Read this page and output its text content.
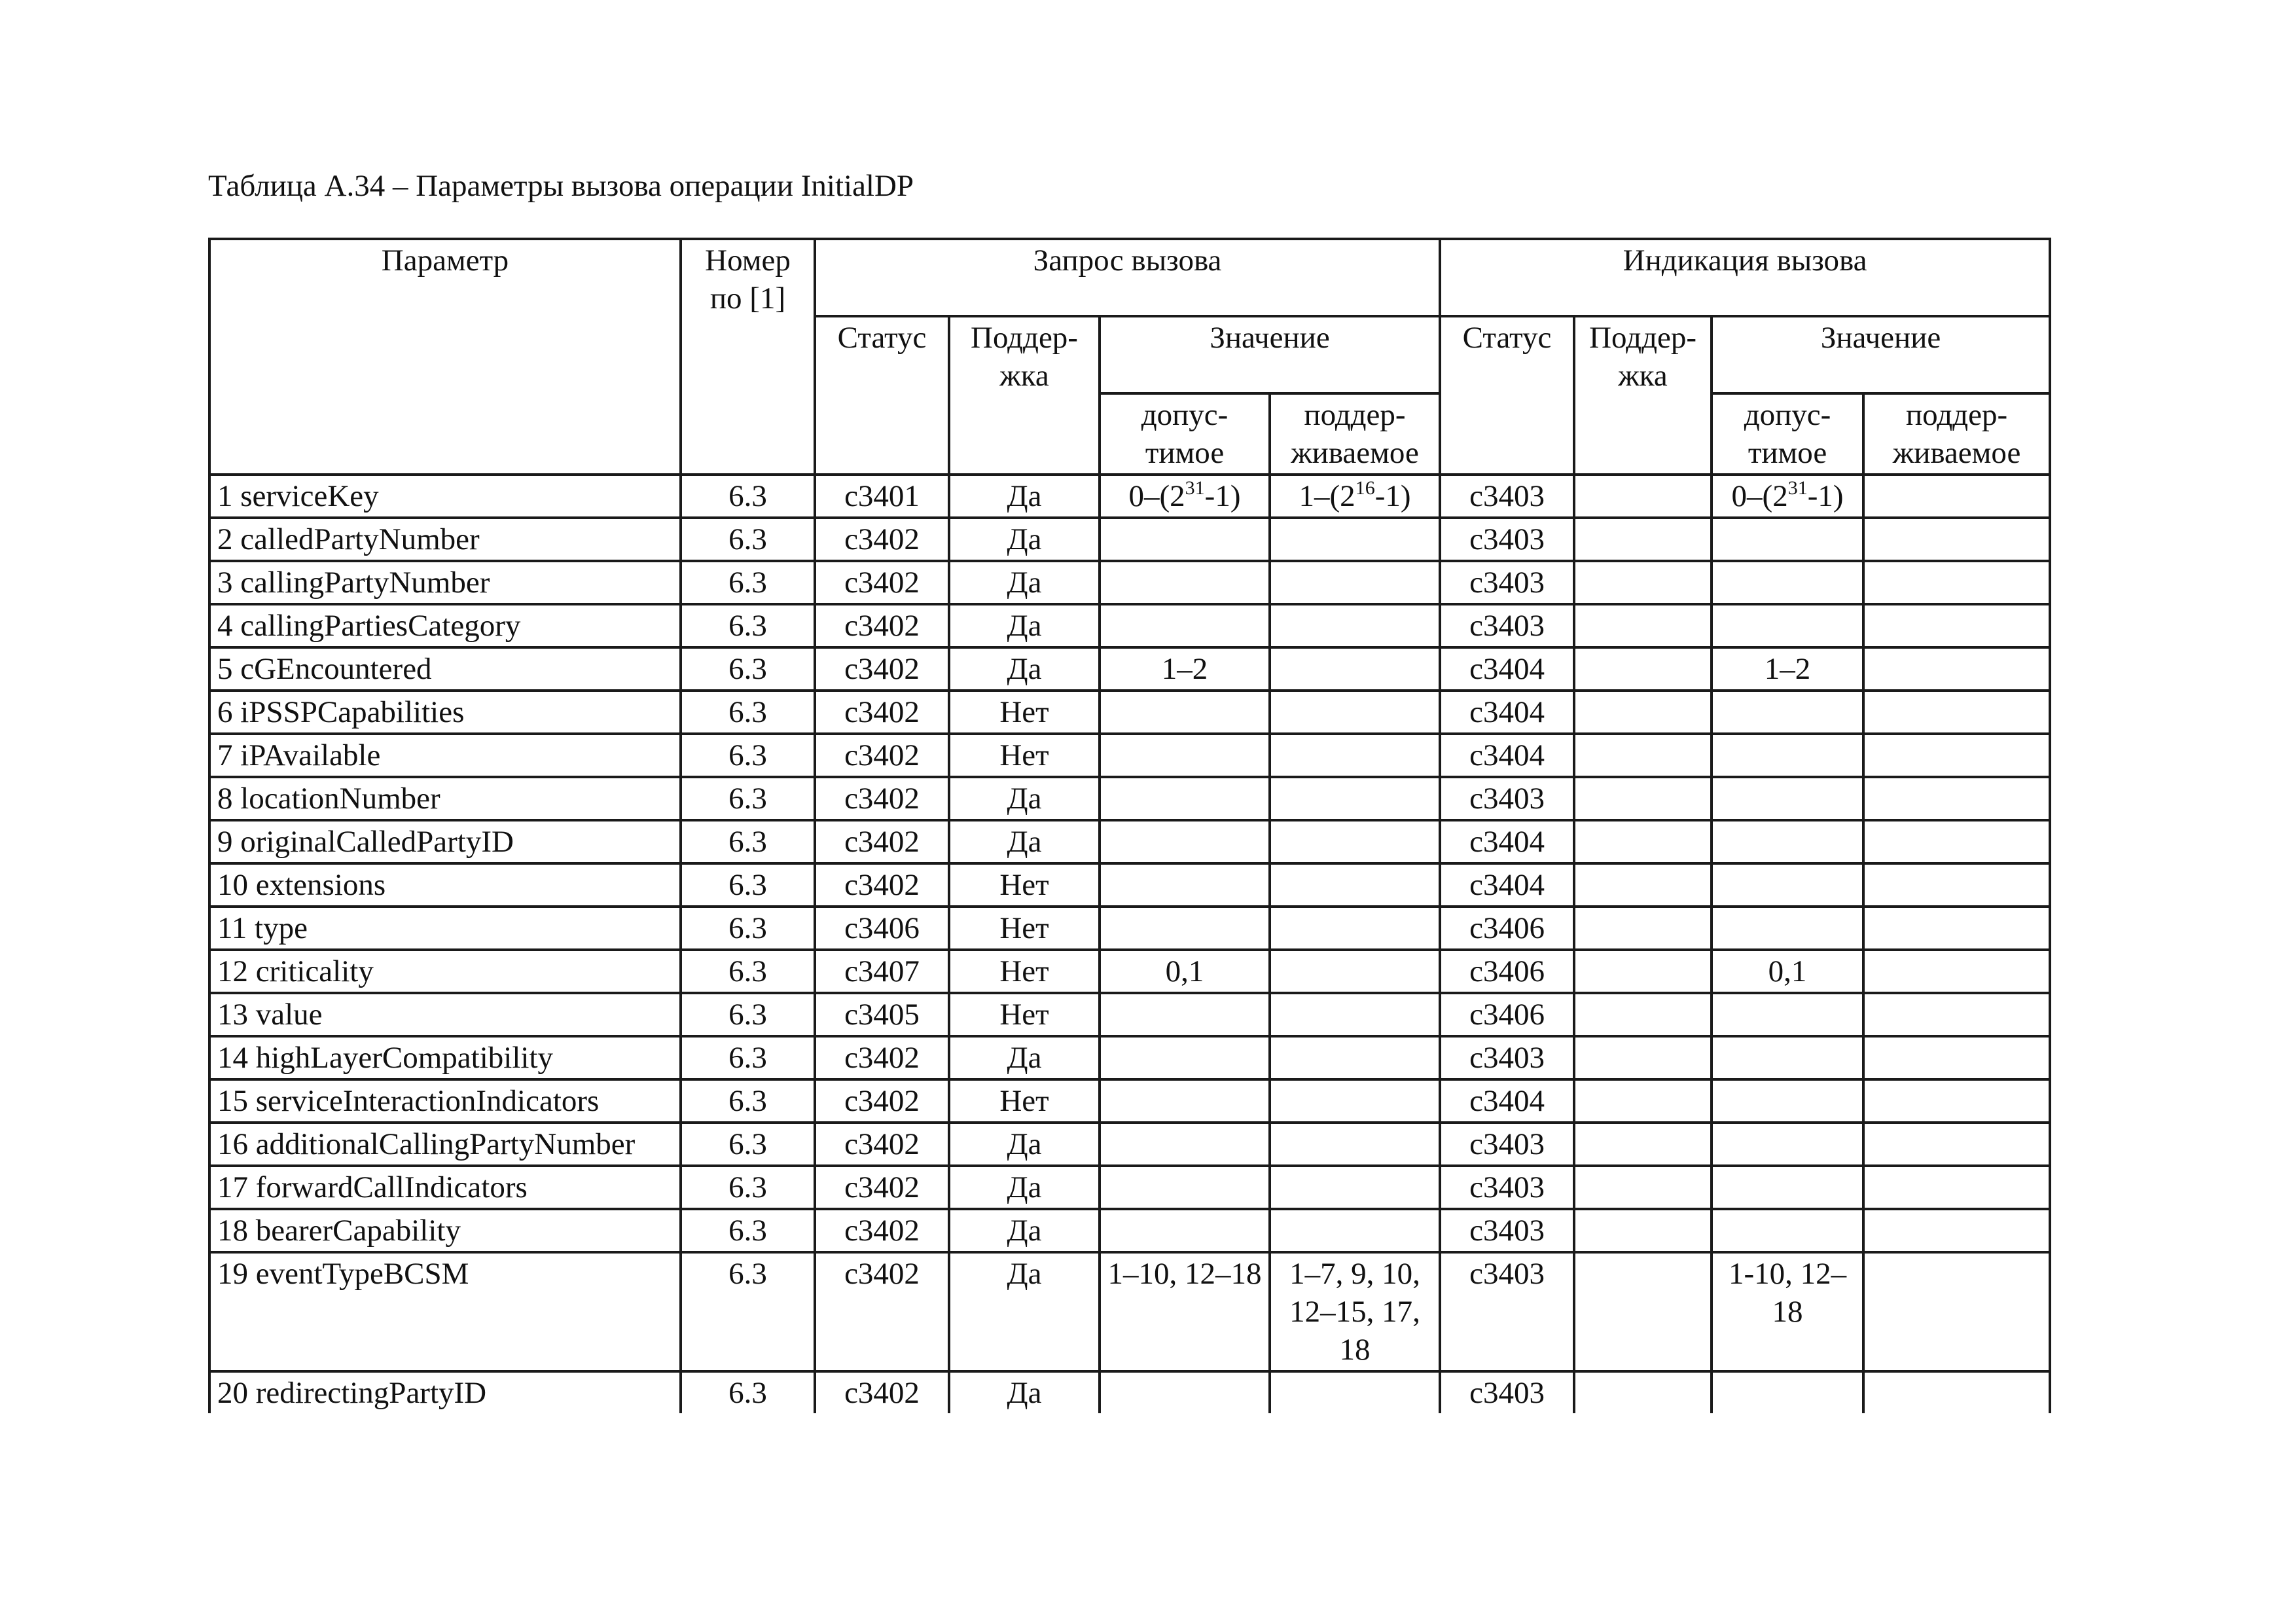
Таблица А.34 – Параметры вызова операции InitialDP
Параметр	Номер по [1]	Запрос вызова				Индикация вызова			
		Статус	Поддер-жка	Значение		Статус	Поддер-жка	Значение	
				допус-тимое	поддер-живаемое			допус-тимое	поддер-живаемое
1 serviceKey	6.3	c3401	Да	$0-(2^{31}-1)$	$1-(2^{16}-1)$	c3403		$0-(2^{31}-1)$	
2 calledPartyNumber	6.3	c3402	Да			c3403			
3 callingPartyNumber	6.3	c3402	Да			c3403			
4 callingPartiesCategory	6.3	c3402	Да			c3403			
5 cGEncountered	6.3	c3402	Да	1–2		c3404		1–2	
6 iPSSPCapabilities	6.3	c3402	Нет			c3404			
7 iPAvailable	6.3	c3402	Нет			c3404			
8 locationNumber	6.3	c3402	Да			c3403			
9 originalCalledPartyID	6.3	c3402	Да			c3404			
10 extensions	6.3	c3402	Нет			c3404			
11 type	6.3	c3406	Нет			c3406			
12 criticality	6.3	c3407	Нет	0,1		c3406		0,1	
13 value	6.3	c3405	Нет			c3406			
14 highLayerCompatibility	6.3	c3402	Да			c3403			
15 serviceInteractionIndicators	6.3	c3402	Нет			c3404			
16 additionalCallingPartyNumber	6.3	c3402	Да			c3403			
17 forwardCallIndicators	6.3	c3402	Да			c3403			
18 bearerCapability	6.3	c3402	Да			c3403			
19 eventTypeBCSM	6.3	c3402	Да	1–10, 12–18	1–7, 9, 10, 12–15, 17, 18	c3403		1-10, 12–18	
20 redirectingPartyID	6.3	c3402	Да			c3403			
